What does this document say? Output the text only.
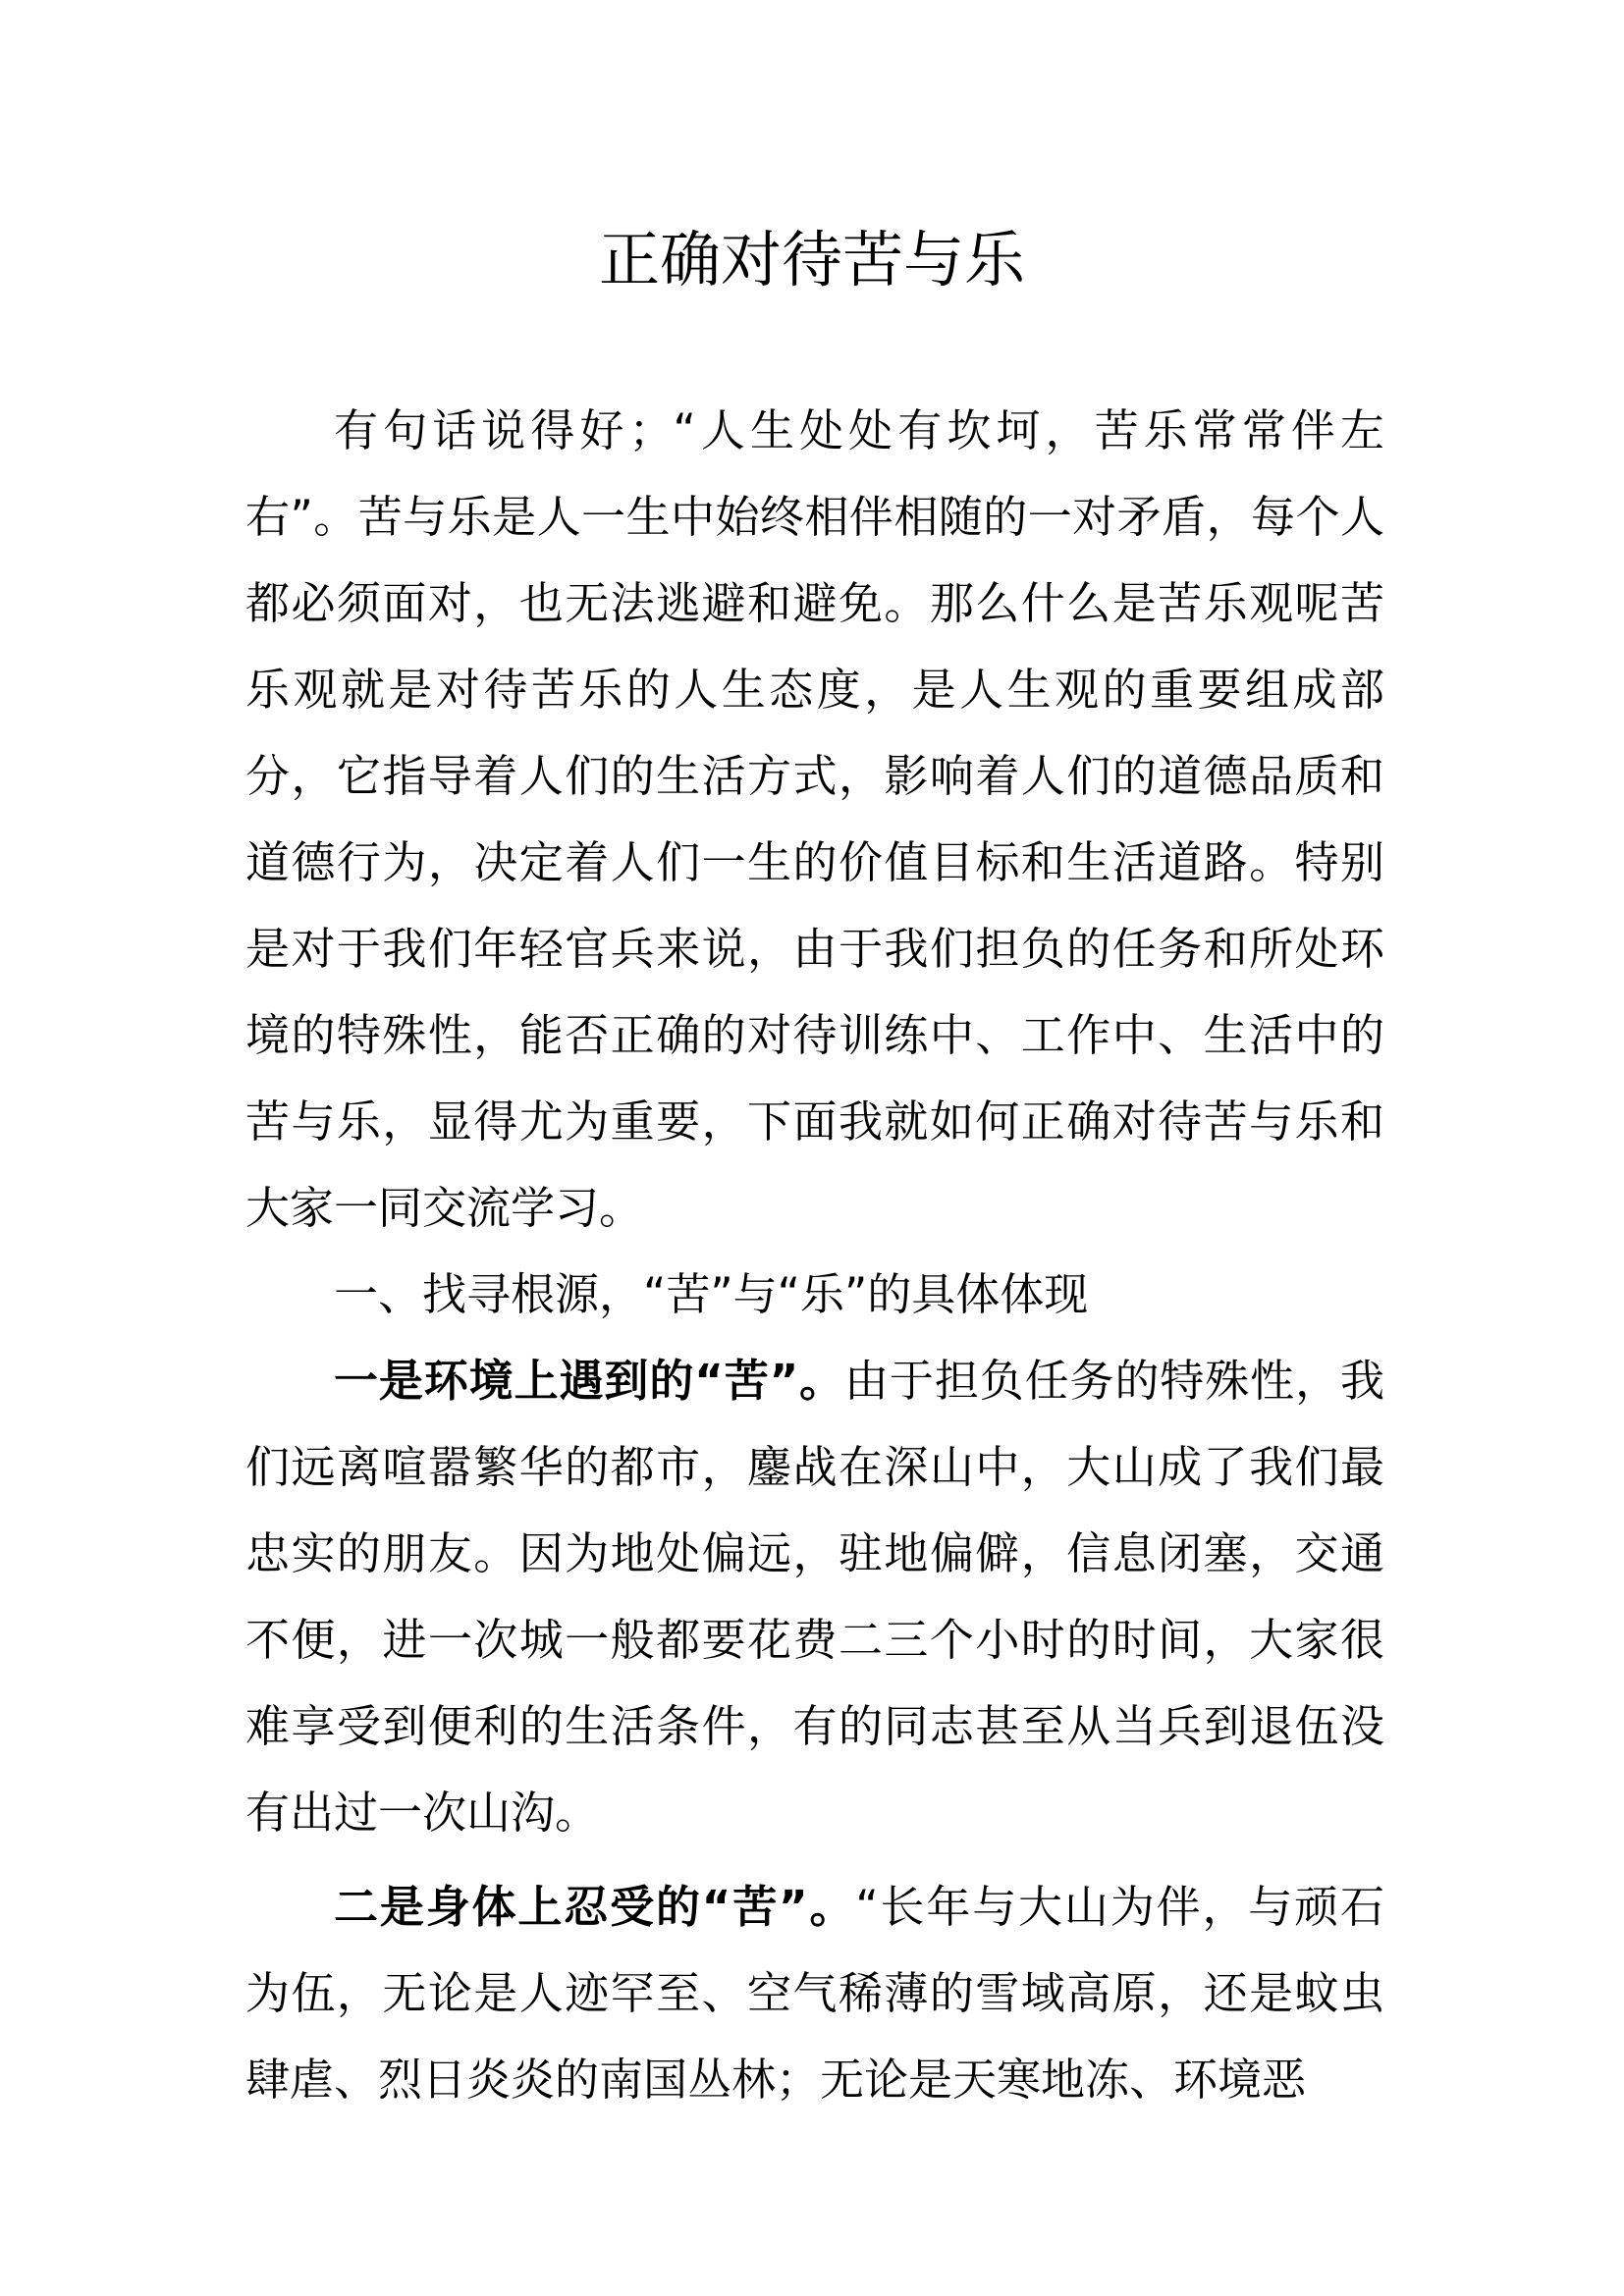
正确对待苦与乐

有句话说得好；“人生处处有坎坷，苦乐常常伴左右”。苦与乐是人一生中始终相伴相随的一对矛盾，每个人都必须面对，也无法逃避和避免。那么什么是苦乐观呢苦乐观就是对待苦乐的人生态度，是人生观的重要组成部分，它指导着人们的生活方式，影响着人们的道德品质和道德行为，决定着人们一生的价值目标和生活道路。特别是对于我们年轻官兵来说，由于我们担负的任务和所处环境的特殊性，能否正确的对待训练中、工作中、生活中的苦与乐，显得尤为重要，下面我就如何正确对待苦与乐和大家一同交流学习。

一、找寻根源，“苦”与“乐”的具体体现

一是环境上遇到的“苦”。由于担负任务的特殊性，我们远离喧嚣繁华的都市，鏖战在深山中，大山成了我们最忠实的朋友。因为地处偏远，驻地偏僻，信息闭塞，交通不便，进一次城一般都要花费二三个小时的时间，大家很难享受到便利的生活条件，有的同志甚至从当兵到退伍没有出过一次山沟。

二是身体上忍受的“苦”。“长年与大山为伴，与顽石为伍，无论是人迹罕至、空气稀薄的雪域高原，还是蚊虫肆虐、烈日炎炎的南国丛林；无论是天寒地冻、环境恶
